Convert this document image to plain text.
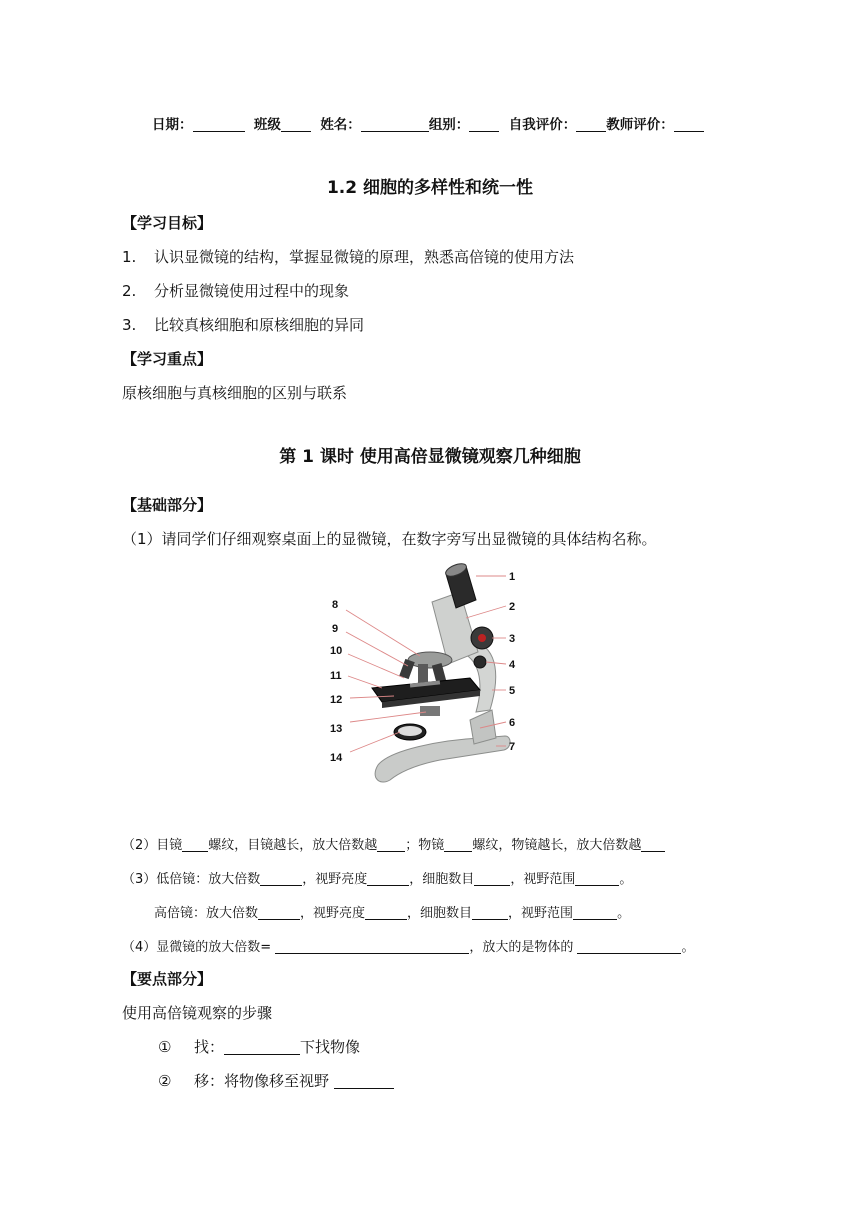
日期：	班级	姓名：	组别：	自我评价： 教师评价：
1.2 细胞的多样性和统一性
【学习目标】
1. 认识显微镜的结构，掌握显微镜的原理，熟悉高倍镜的使用方法
2. 分析显微镜使用过程中的现象
3. 比较真核细胞和原核细胞的异同
【学习重点】
原核细胞与真核细胞的区别与联系
第 1 课时 使用高倍显微镜观察几种细胞
【基础部分】
（1）请同学们仔细观察桌面上的显微镜，在数字旁写出显微镜的具体结构名称。
1
2
3
4
5
6
7
8
9
10
11
12
13
14
（2）目镜 螺纹，目镜越长，放大倍数越 ；物镜 螺纹，物镜越长，放大倍数越
（3）低倍镜：放大倍数	，视野亮度	，细胞数目	，视野范围	。
高倍镜：放大倍数	，视野亮度	，细胞数目	，视野范围	。
（4）显微镜的放大倍数=	，放大的是物体的	。
【要点部分】
使用高倍镜观察的步骤
① 找：	下找物像
② 移：将物像移至视野
